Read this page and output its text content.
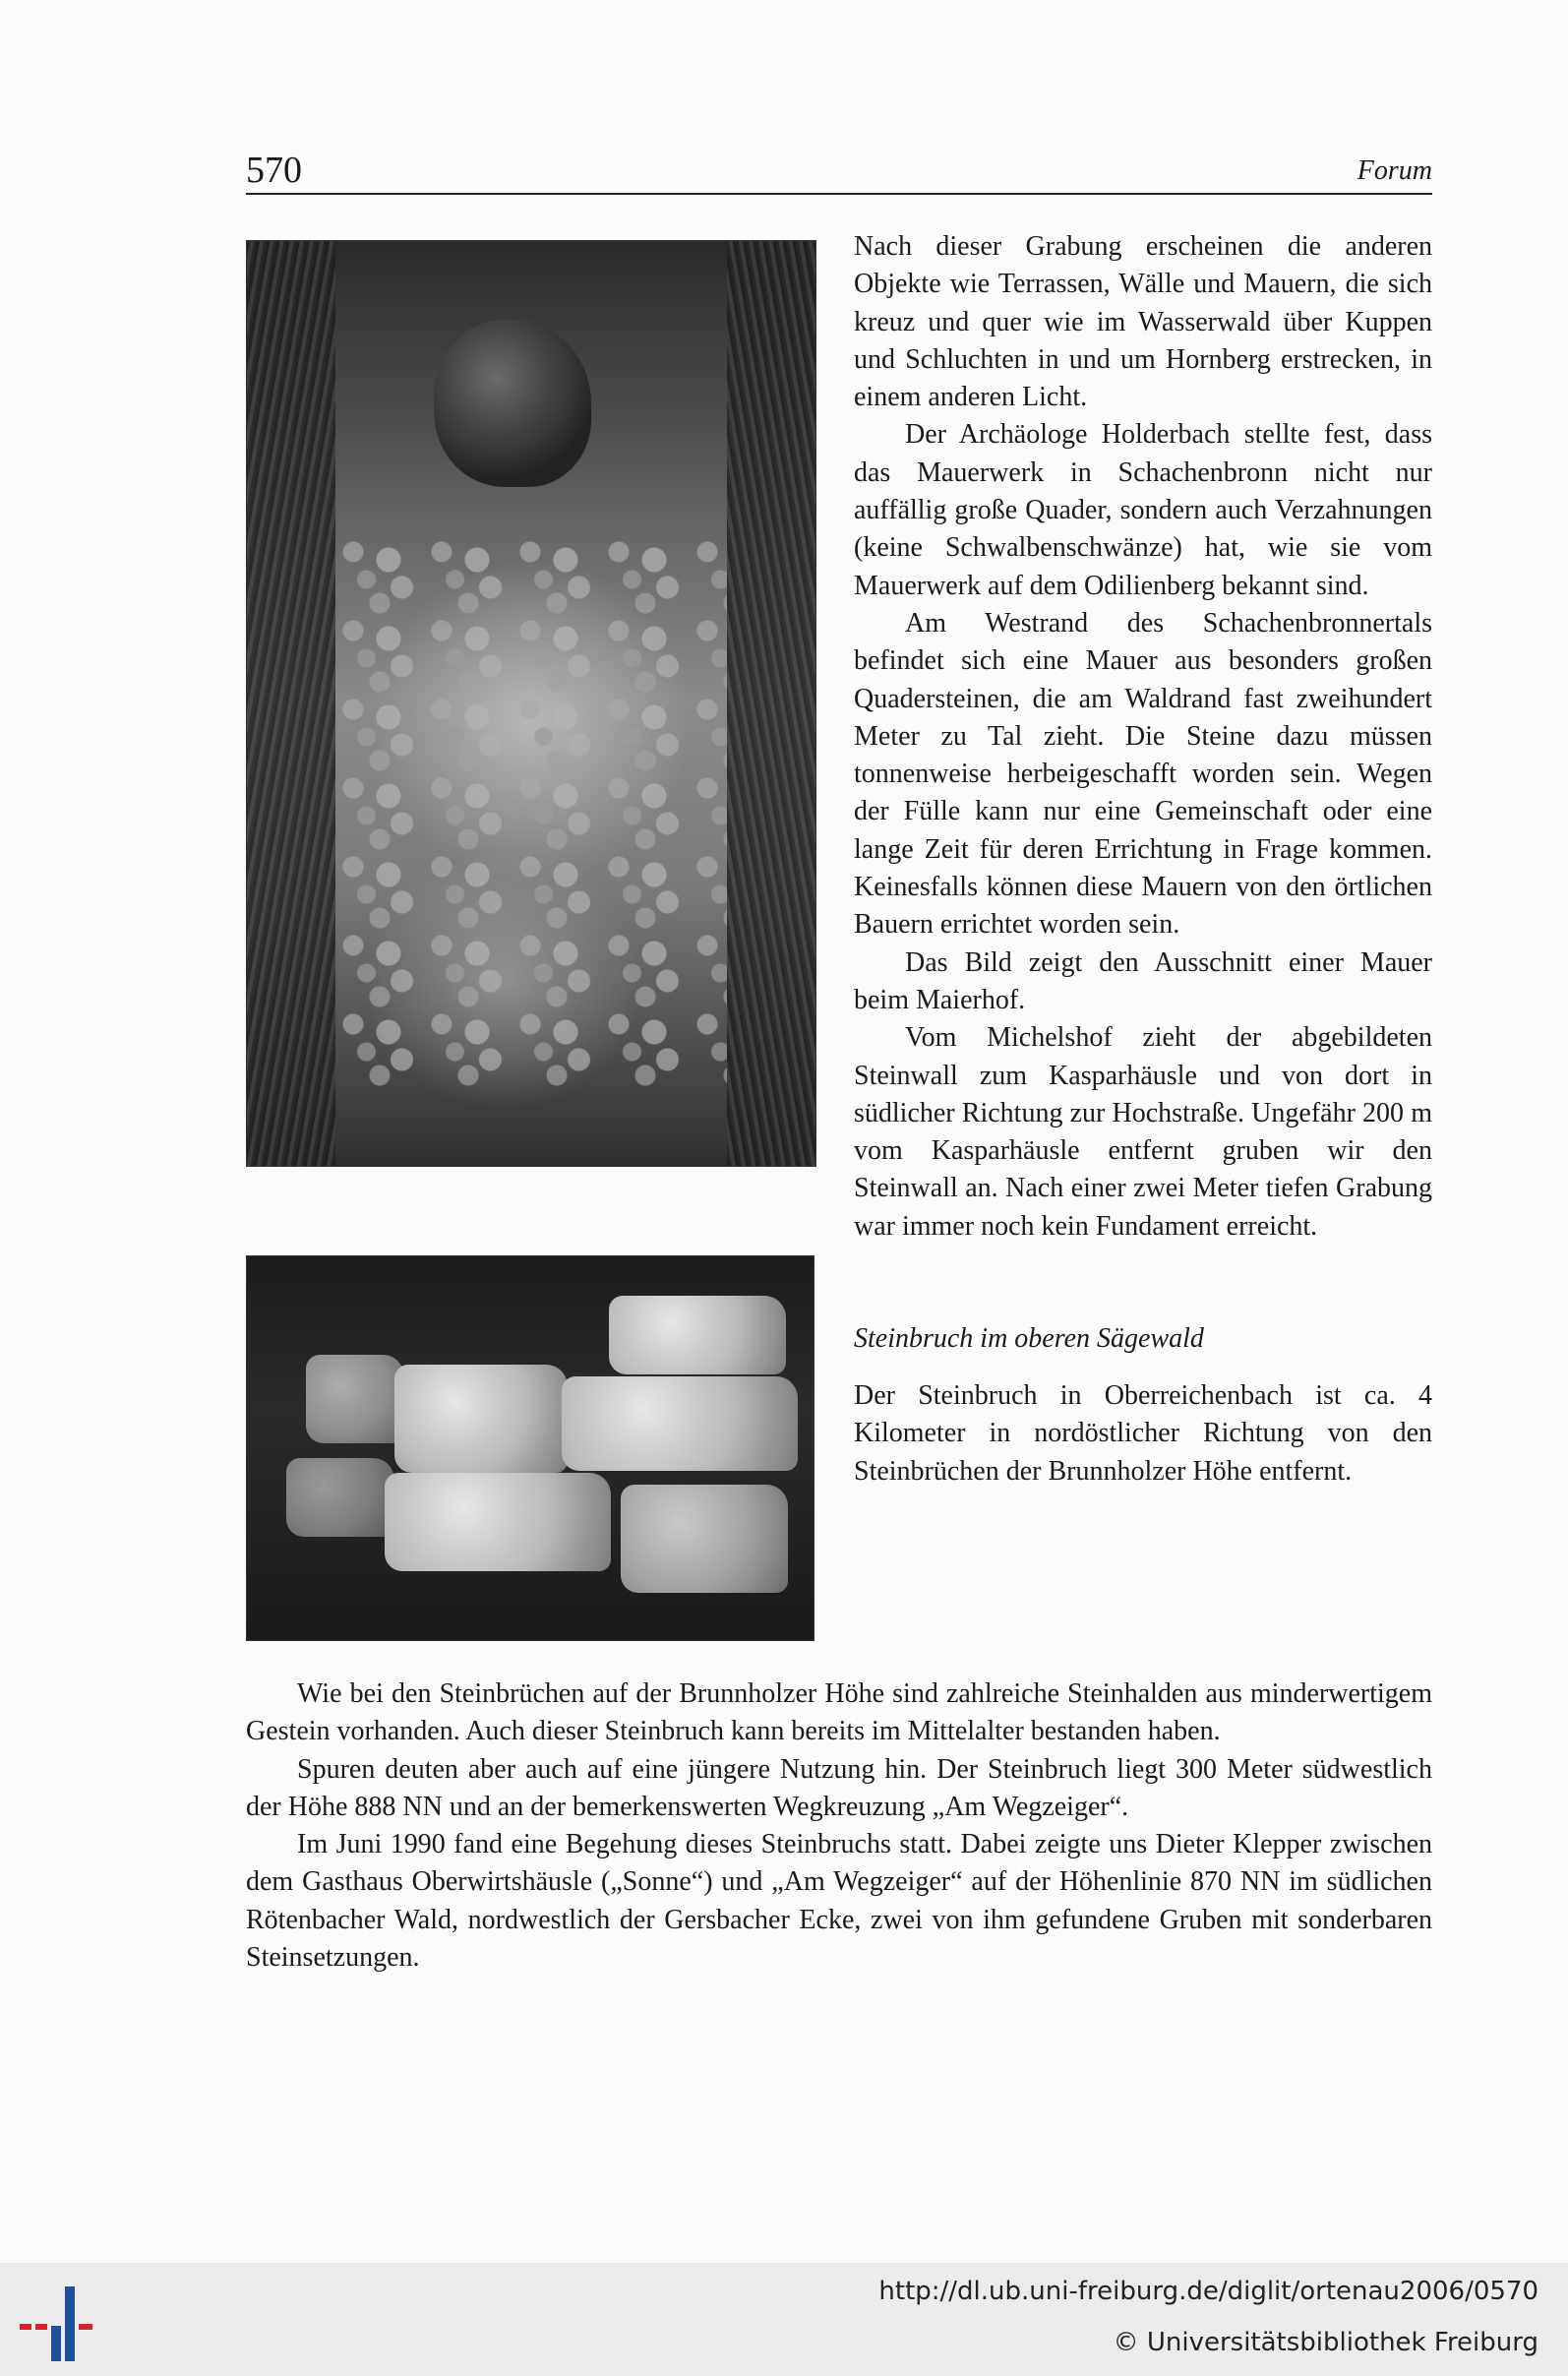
570	Forum

Nach dieser Grabung erscheinen die anderen Objekte wie Terrassen, Wälle und Mauern, die sich kreuz und quer wie im Wasserwald über Kuppen und Schluchten in und um Hornberg erstrecken, in einem anderen Licht.

Der Archäologe Holderbach stellte fest, dass das Mauerwerk in Schachenbronn nicht nur auffällig große Quader, sondern auch Verzahnungen (keine Schwalbenschwänze) hat, wie sie vom Mauerwerk auf dem Odilienberg bekannt sind.

Am Westrand des Schachenbronnertals befindet sich eine Mauer aus besonders großen Quadersteinen, die am Waldrand fast zweihundert Meter zu Tal zieht. Die Steine dazu müssen tonnenweise herbeigeschafft worden sein. Wegen der Fülle kann nur eine Gemeinschaft oder eine lange Zeit für deren Errichtung in Frage kommen. Keinesfalls können diese Mauern von den örtlichen Bauern errichtet worden sein.

Das Bild zeigt den Ausschnitt einer Mauer beim Maierhof.

Vom Michelshof zieht der abgebildeten Steinwall zum Kasparhäusle und von dort in südlicher Richtung zur Hochstraße. Ungefähr 200 m vom Kasparhäusle entfernt gruben wir den Steinwall an. Nach einer zwei Meter tiefen Grabung war immer noch kein Fundament erreicht.

Steinbruch im oberen Sägewald

Der Steinbruch in Oberreichenbach ist ca. 4 Kilometer in nordöstlicher Richtung von den Steinbrüchen der Brunnholzer Höhe entfernt.

Wie bei den Steinbrüchen auf der Brunnholzer Höhe sind zahlreiche Steinhalden aus minderwertigem Gestein vorhanden. Auch dieser Steinbruch kann bereits im Mittelalter bestanden haben.

Spuren deuten aber auch auf eine jüngere Nutzung hin. Der Steinbruch liegt 300 Meter südwestlich der Höhe 888 NN und an der bemerkenswerten Wegkreuzung „Am Wegzeiger“.

Im Juni 1990 fand eine Begehung dieses Steinbruchs statt. Dabei zeigte uns Dieter Klepper zwischen dem Gasthaus Oberwirtshäusle („Sonne“) und „Am Wegzeiger“ auf der Höhenlinie 870 NN im südlichen Rötenbacher Wald, nordwestlich der Gersbacher Ecke, zwei von ihm gefundene Gruben mit sonderbaren Steinsetzungen.

http://dl.ub.uni-freiburg.de/diglit/ortenau2006/0570
© Universitätsbibliothek Freiburg
